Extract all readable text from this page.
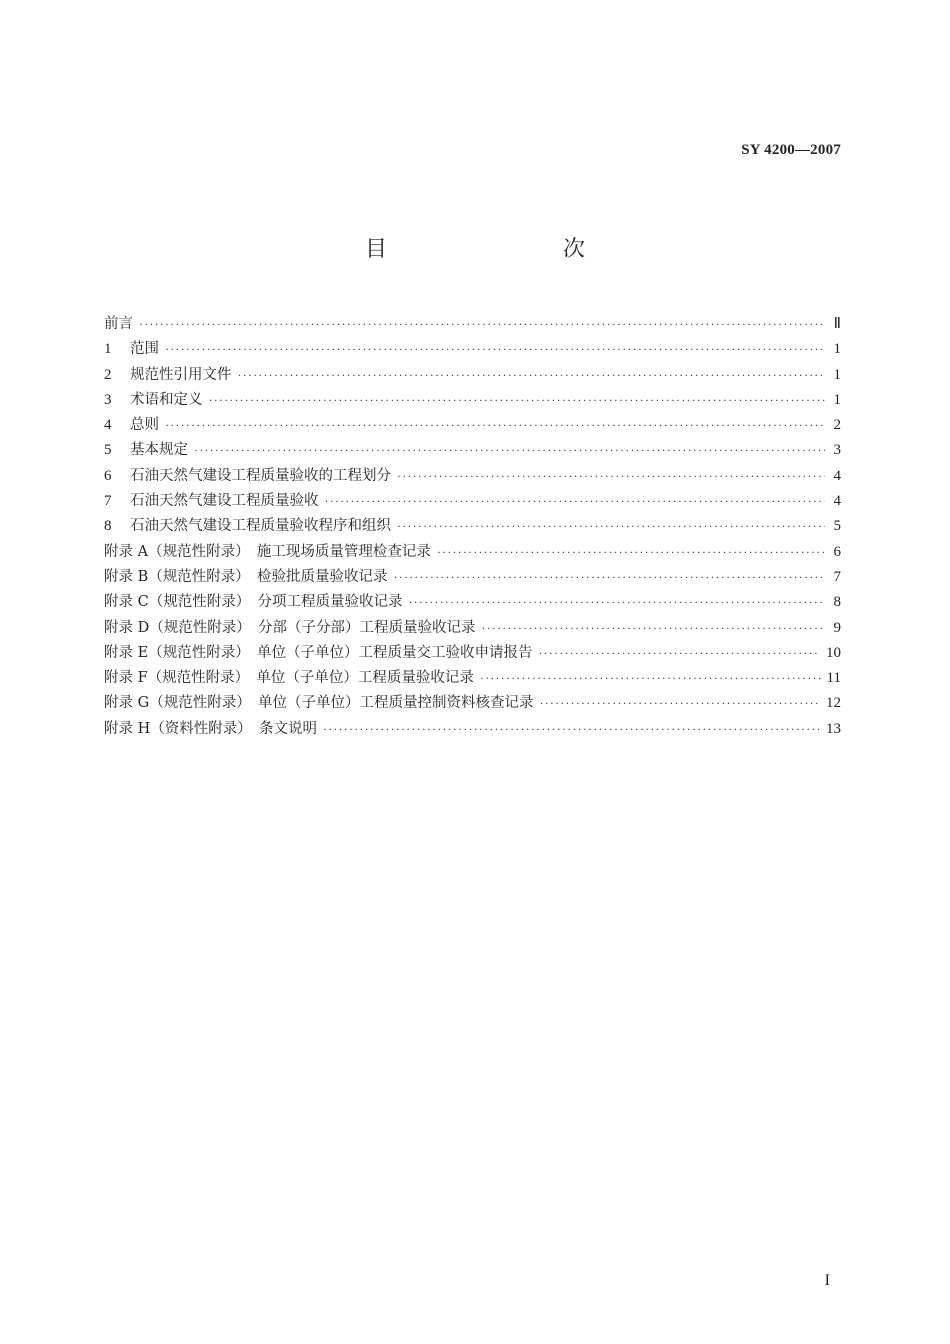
SY 4200—2007
目　　次
前言 ·····	Ⅱ
1	范围 ·····	1
2	规范性引用文件 ·····	1
3	术语和定义 ·····	1
4	总则 ·····	2
5	基本规定 ·····	3
6	石油天然气建设工程质量验收的工程划分 ·····	4
7	石油天然气建设工程质量验收 ·····	4
8	石油天然气建设工程质量验收程序和组织 ·····	5
附录 A（规范性附录）　施工现场质量管理检查记录 ·····	6
附录 B（规范性附录）　检验批质量验收记录 ·····	7
附录 C（规范性附录）　分项工程质量验收记录 ·····	8
附录 D（规范性附录）　分部（子分部）工程质量验收记录 ·····	9
附录 E（规范性附录）　单位（子单位）工程质量交工验收申请报告 ·····	10
附录 F（规范性附录）　单位（子单位）工程质量验收记录 ·····	11
附录 G（规范性附录）　单位（子单位）工程质量控制资料核查记录 ·····	12
附录 H（资料性附录）　条文说明 ·····	13
I
